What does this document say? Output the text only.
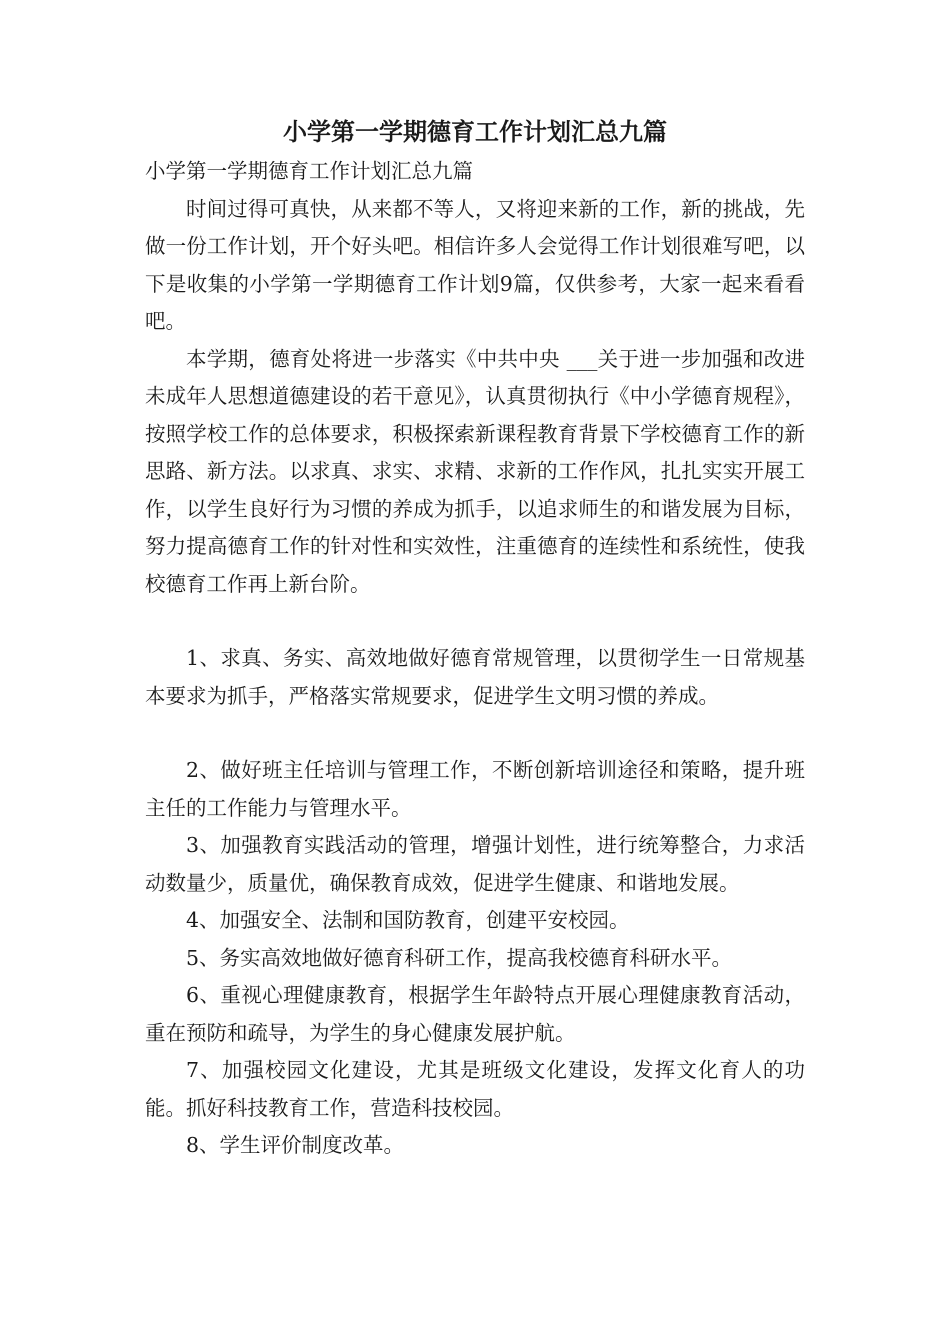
小学第一学期德育工作计划汇总九篇

小学第一学期德育工作计划汇总九篇

时间过得可真快，从来都不等人，又将迎来新的工作，新的挑战，先做一份工作计划，开个好头吧。相信许多人会觉得工作计划很难写吧，以下是收集的小学第一学期德育工作计划9篇，仅供参考，大家一起来看看吧。

本学期，德育处将进一步落实《中共中央 ___关于进一步加强和改进未成年人思想道德建设的若干意见》，认真贯彻执行《中小学德育规程》，按照学校工作的总体要求，积极探索新课程教育背景下学校德育工作的新思路、新方法。以求真、求实、求精、求新的工作作风，扎扎实实开展工作，以学生良好行为习惯的养成为抓手，以追求师生的和谐发展为目标，努力提高德育工作的针对性和实效性，注重德育的连续性和系统性，使我校德育工作再上新台阶。

1、求真、务实、高效地做好德育常规管理，以贯彻学生一日常规基本要求为抓手，严格落实常规要求，促进学生文明习惯的养成。

2、做好班主任培训与管理工作，不断创新培训途径和策略，提升班主任的工作能力与管理水平。

3、加强教育实践活动的管理，增强计划性，进行统筹整合，力求活动数量少，质量优，确保教育成效，促进学生健康、和谐地发展。

4、加强安全、法制和国防教育，创建平安校园。

5、务实高效地做好德育科研工作，提高我校德育科研水平。

6、重视心理健康教育，根据学生年龄特点开展心理健康教育活动，重在预防和疏导，为学生的身心健康发展护航。

7、加强校园文化建设，尤其是班级文化建设，发挥文化育人的功能。抓好科技教育工作，营造科技校园。

8、学生评价制度改革。
